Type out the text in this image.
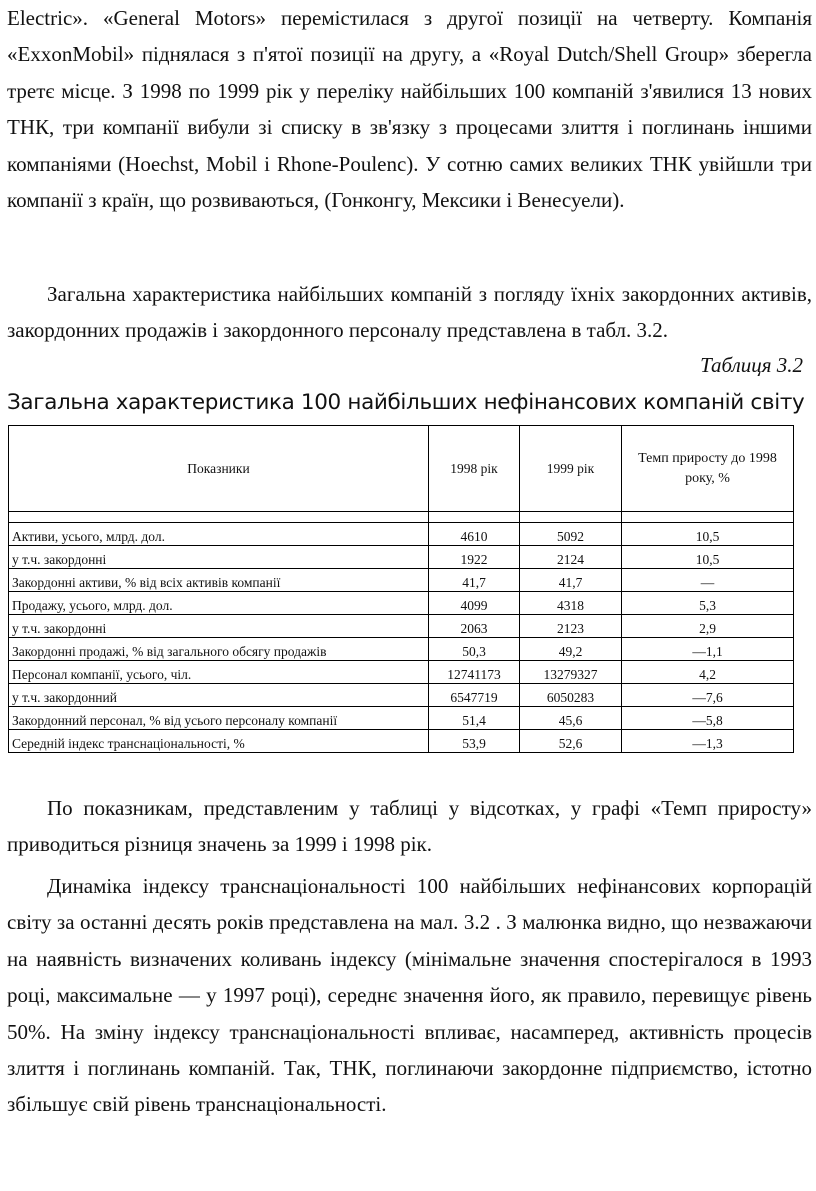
Electric». «General Motors» перемістилася з другої позиції на четверту. Компанія «ExxonMobil» піднялася з п'ятої позиції на другу, а «Royal Dutch/Shell Group» зберегла третє місце. З 1998 по 1999 рік у переліку найбільших 100 компаній з'явилися 13 нових ТНК, три компанії вибули зі списку в зв'язку з процесами злиття і поглинань іншими компаніями (Hoechst, Mobil і Rhone-Poulenc). У сотню самих великих ТНК увійшли три компанії з країн, що розвиваються, (Гонконгу, Мексики і Венесуели).

Загальна характеристика найбільших компаній з погляду їхніх закордонних активів, закордонних продажів і закордонного персоналу представлена в табл. 3.2.

Таблиця 3.2

Загальна характеристика 100 найбільших нефінансових компаній світу

Показники	1998 рік	1999 рік	Темп приросту до 1998 року, %

Активи, усього, млрд. дол.	4610	5092	10,5
у т.ч. закордонні	1922	2124	10,5
Закордонні активи, % від всіх активів компанії	41,7	41,7	—
Продажу, усього, млрд. дол.	4099	4318	5,3
у т.ч. закордонні	2063	2123	2,9
Закордонні продажі, % від загального обсягу продажів	50,3	49,2	—1,1
Персонал компанії, усього, чіл.	12741173	13279327	4,2
у т.ч. закордонний	6547719	6050283	—7,6
Закордонний персонал, % від усього персоналу компанії	51,4	45,6	—5,8
Середній індекс транснаціональності, %	53,9	52,6	—1,3

По показникам, представленим у таблиці у відсотках, у графі «Темп приросту» приводиться різниця значень за 1999 і 1998 рік.

Динаміка індексу транснаціональності 100 найбільших нефінансових корпорацій світу за останні десять років представлена на мал. 3.2 . З малюнка видно, що незважаючи на наявність визначених коливань індексу (мінімальне значення спостерігалося в 1993 році, максимальне — у 1997 році), середнє значення його, як правило, перевищує рівень 50%. На зміну індексу транснаціональності впливає, насамперед, активність процесів злиття і поглинань компаній. Так, ТНК, поглинаючи закордонне підприємство, істотно збільшує свій рівень транснаціональності.
